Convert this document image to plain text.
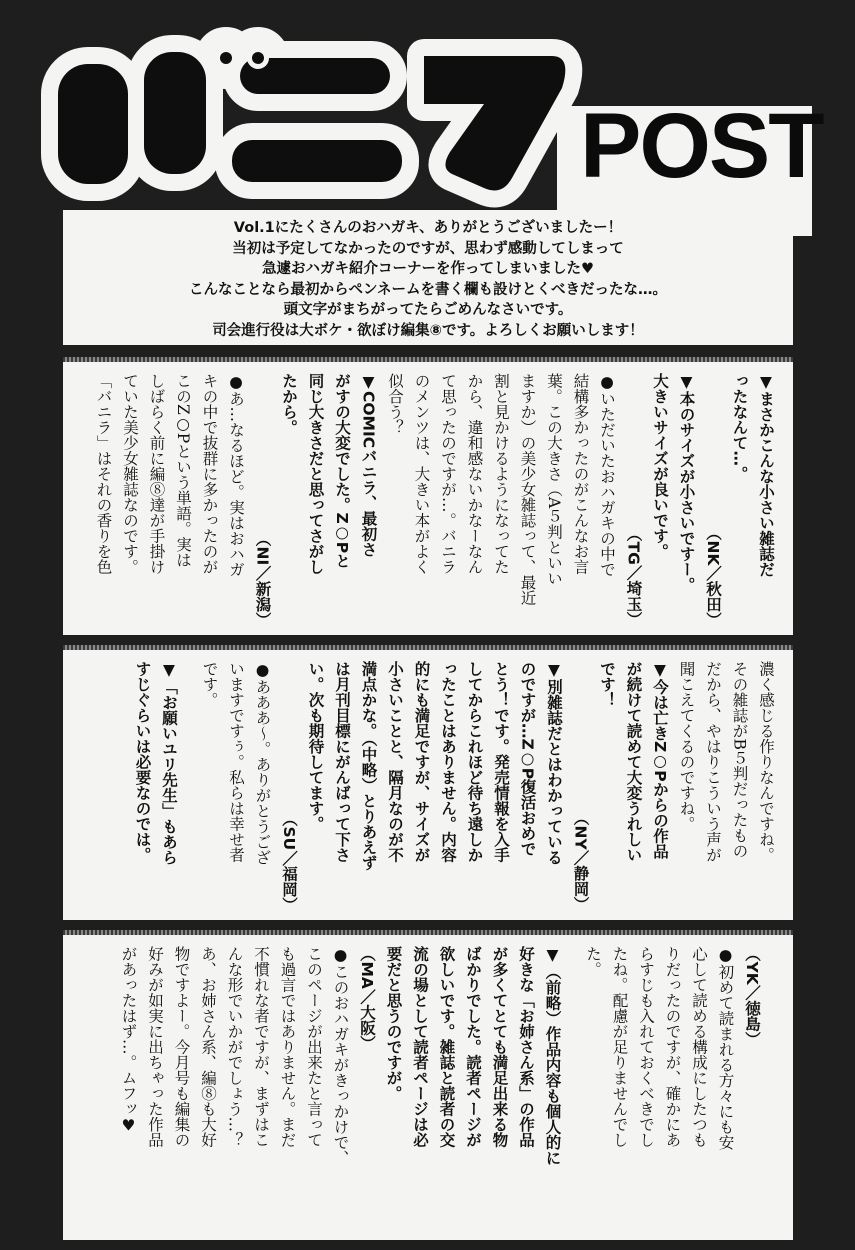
バニラ
POST

Vol.1にたくさんのおハガキ、ありがとうございましたー！

当初は予定してなかったのですが、思わず感動してしまって

急遽おハガキ紹介コーナーを作ってしまいました♥

こんなことなら最初からペンネームを書く欄も設けとくべきだったな…。

頭文字がまちがってたらごめんなさいです。

司会進行役は大ボケ・欲ぼけ編集⑧です。よろしくお願いします！

▼まさかこんな小さい雑誌だ
ったなんて…。
（NK／秋田）
▼本のサイズが小さいですー。
大きいサイズが良いです。
（TG／埼玉）
●いただいたおハガキの中で
結構多かったのがこんなお言
葉。この大きさ（A５判といい
ますか）の美少女雑誌って、最近
割と見かけるようになってた
から、違和感ないかなーなん
て思ったのですが…。バニラ
のメンツは、大きい本がよく
似合う？
▼COMICバニラ、最初さ
がすの大変でした。Z○Pと
同じ大きさだと思ってさがし
たから。
（NI／新潟）
●あ…なるほど。実はおハガ
キの中で抜群に多かったのが
このZ○Pという単語。実は
しばらく前に編⑧達が手掛け
ていた美少女雑誌なのです。
「バニラ」はそれの香りを色
濃く感じる作りなんですね。
その雑誌がB５判だったもの
だから、やはりこういう声が
聞こえてくるのですね。
▼今は亡きZ○Pからの作品
が続けて読めて大変うれしい
です！
（NY／静岡）
▼別雑誌だとはわかっている
のですが…Z○P復活おめで
とう！です。発売情報を入手
してからこれほど待ち遠しか
ったことはありません。内容
的にも満足ですが、サイズが
小さいことと、隔月なのが不
満点かな。（中略）とりあえず
は月刊目標にがんばって下さ
い。次も期待してます。
（SU／福岡）
●あああ〜。ありがとうござ
いますですぅ。私らは幸せ者
です。
▼「お願いユリ先生」もあら
すじぐらいは必要なのでは。
（YK／徳島）
●初めて読まれる方々にも安
心して読める構成にしたつも
りだったのですが、確かにあ
らすじも入れておくべきでし
たね。配慮が足りませんでし
た。
▼（前略）作品内容も個人的に
好きな「お姉さん系」の作品
が多くてとても満足出来る物
ばかりでした。読者ページが
欲しいです。雑誌と読者の交
流の場として読者ページは必
要だと思うのですが。
（MA／大阪）
●このおハガキがきっかけで、
このページが出来たと言って
も過言ではありません。まだ
不慣れな者ですが、まずはこ
んな形でいかがでしょう…？
あ、お姉さん系、編⑧も大好
物ですよー。今月号も編集の
好みが如実に出ちゃった作品
があったはず…。ムフッ♥
